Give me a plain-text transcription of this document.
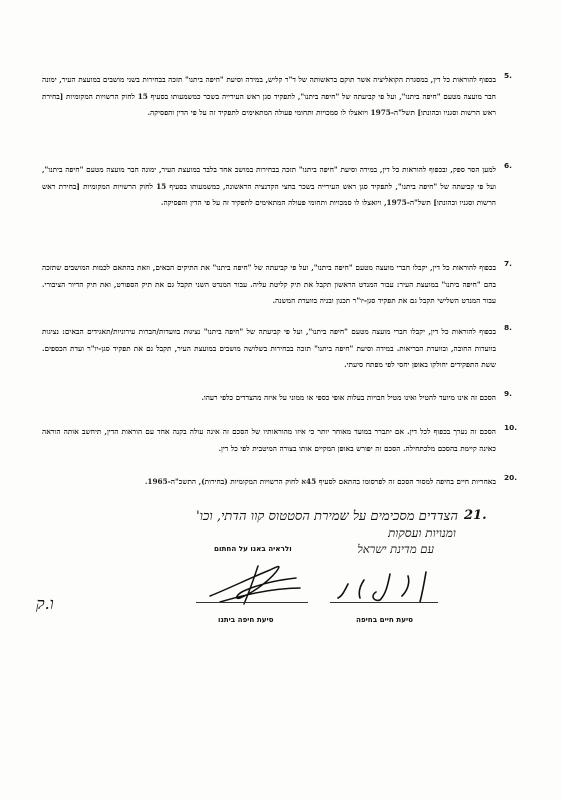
5.
בכפוף להוראות כל דין, במסגרת הקואליציה אשר תוקם בראשותה של ד"ר קליש, במידה וסיעת "חיפה ביתנו" תזכה בבחירות בשני מושבים במועצת העיר, ימונה חבר מועצה מטעם "חיפה ביתנו", ועל פי קביעתה של "חיפה ביתנו", לתפקיד סגן ראש העירייה בשכר כמשמעותו בסעיף 15 לחוק הרשויות המקומיות [בחירת ראש הרשות וסגניו וכהונתו] תשל"ה-1975 ויואצלו לו סמכויות ותחומי פעולה המתאימים לתפקיד זה על פי הדין והפסיקה.
6.
למען הסר ספק, ובכפוף להוראות כל דין, במידה וסיעת "חיפה ביתנו" תזכה בבחירות במושב אחד בלבד במועצת העיר, ימונה חבר מועצה מטעם "חיפה ביתנו", ועל פי קביעתה של "חיפה ביתנו", לתפקיד סגן ראש העירייה בשכר בחצי הקדנציה הראשונה, כמשמעותו בסעיף 15 לחוק הרשויות המקומיות [בחירת ראש הרשות וסגניו וכהונתו] תשל"ה-1975, ויואצלו לו סמכויות ותחומי פעולה המתאימים לתפקיד זה על פי הדין והפסיקה.
7.
בכפוף להוראות כל דין, יקבלו חברי מועצה מטעם "חיפה ביתנו", ועל פי קביעתה של "חיפה ביתנו" את התיקים הבאים, וזאת בהתאם לכמות המושבים שתזכה בהם "חיפה ביתנו" במועצת העיר: עבור המנדט הראשון תקבל את תיק קליטת עליה. עבור המנדט השני תקבל גם את תיק הספורט, ואת תיק הדיור הציבורי. עבור המנדט השלישי תקבל גם את תפקיד סגן-יו"ר תכנון ובניה בוועדת המשנה.
8.
בכפוף להוראות כל דין, יקבלו חברי מועצה מטעם "חיפה ביתנו", ועל פי קביעתה של "חיפה ביתנו" נציגות בוועדות/חברות עירוניות/תאגידים הבאים: נציגות בוועדות החובה, ובוועדת הבריאות. במידה וסיעת "חיפה ביתנו" תזכה בבחירות בשלושה מושבים במועצת העיר, תקבל גם את תפקיד סגן-יו"ר ועדת הכספים. ששת התפקידים יחולקו באופן יחסי לפי מפתח סיעתי.
9.
הסכם זה אינו מיועד להטיל ואינו מטיל חבויות בעלות אופי כספי או ממוני על איזה מהצדדים כלפי רעהו.
10.
הסכם זה נערך בכפוף לכל דין. אם יתברר במועד מאוחר יותר כי איזו מהוראותיו של הסכם זה אינה עולה בקנה אחד עם הוראות הדין, תיחשב אותה הוראה כאינה קיימת בהסכם מלכתחילה. הסכם זה יפורש באופן המקיים אותו בצורה המיטבית לפי כל דין.
20.
באחריות חיים בחיפה למסור הסכם זה לפרסומו בהתאם לסעיף 45א לחוק הרשויות המקומיות (בחירות), התשכ"ה-1965.
21.
הצדדים מסכימים על שמירת הסטטוס קוו הדתי, וכו'
ומנויות ועסקות
עם מדינת ישראל
ולראיה באנו על החתום
סיעת חיים בחיפה
סיעת חיפה ביתנו
ו.ק
